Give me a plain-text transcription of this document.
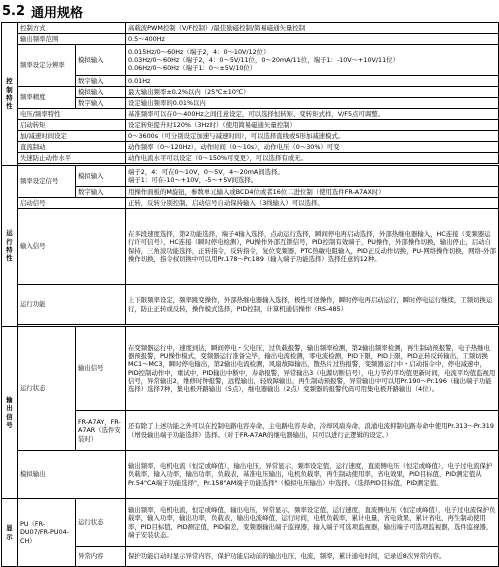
5.2 通用规格
控制特性	控制方式		高载波PWM控制（V/F控制）/最佳励磁控制/简易磁通矢量控制
	输出频率范围		0.5～400Hz
	频率设定分辨率	模拟输入	0.015Hz/0～60Hz（端子2，4：0～10V/12位）
0.03Hz/0～60Hz（端子2，4：0～5V/11位，0～20mA/11位，端子1：-10V～+10V/11位）
0.06Hz/0～60Hz（端子1：0～±5V/10位）
		数字输入	0.01Hz
	频率精度	模拟输入	最大输出频率±0.2%以内（25℃±10℃）
		数字输入	设定输出频率的0.01%以内
	电压/频率特性		基准频率可以在0～400Hz之间任意设定，可以选择恒转矩、变转矩式样，V/F5点可调整。
	启动转矩		设定转矩提升时120%（3Hz时）（使用简易磁通矢量控制）
	加/减速时间设定		0～3600s（可分别设定加速与减速时间），可以选择直线或S形加减速模式。
	直流制动		动作频率（0～120Hz），动作时间（0～10s），动作电压（0～30%）可变
	失速防止动作水平		动作电流水平可以设定（0～150%可变更），可以选择有或无。

运行特性	频率设定信号	模拟输入	端子2，4：可在0～10V，0～5V，4～20mA间选择。
端子1：可在-10～+10V，-5～+5V间选择。
		数字输入	用操作面板的M旋钮，参数单元输入或BCD4位或者16位二进位制（使用选件FR-A7AX时）
	启动信号		正转，反转分别控制，启动信号自动保持输入（3线输入）可以选择。
	输入信号		在多段速度选择，第2功能选择，端子4输入选择，点动运行选择，瞬间停电再启动选择，外部热继电器输入，HC连接（变频器运行许可信号），HC连接（瞬时停电检测），PU操作外部互锁信号，PID控制有效端子，PU操作，外部操作切换，输出停止，启动自保持，三角波功能选择，正转指令，反转指令，复位变频器，PTC热敏电阻输入，PID正反动作切换，PU-网络操作切换，网络-外部操作切换，指令权切换中可以用Pr.178～Pr.189（输入端子功能选择）选择任意的12种。
	运行功能		上下限频率设定，频率跳变操作，外部热继电器输入选择，极性可逆操作，瞬时停电再启动运行，瞬时停电运行继续，工频切换运行，防止正转或反转，操作模式选择，PID控制，计算机通信操作（RS-485）

输出信号	运行状态	输出信号	在变频器运行中，速度到达，瞬间停电・欠电压，过负载报警，输出频率检测，第2输出频率检测，再生制动预报警，电子热继电器预报警，PU操作模式，变频器运行准备完毕，输出电流检测，零电流检测，PID下限，PID上限，PID正转反转输出，工频切换MC1～MC3，瞬时停电输出，第2输出电流检测，风扇故障输出，散热片过热报警，变频器运行中・启动指令中，停电减速中，PID控制动作中，重试中，PID输出中断中，寿命报警，异常输出3（电源切断信号），电力节约平均值更新时间，电流平均值监视用信号，异常输出2，维修时钟报警，远程输出，轻故障输出，再生制动预报警，异常输出中可以用Pr.190～Pr.196（输出端子功能选择）选择7种，集电极开路输出（5点），继电器输出（2点）变频器的报警代码可用集电极开路输出（4位）。
		FR-A7AY，FR-A7AR（选件安装时）	还有除了上述功能之外可以在控制电路电容寿命，主电路电容寿命，冷却风扇寿命，浪涌电流抑制电路寿命中使用Pr.313～Pr.319（增设输出端子功能选择）选择。（对于FR-A7AR的继电器输出，只可以进行正逻辑的设定。）
	模拟输出		输出频率，电机电流（恒定或峰值），输出电压，异常显示，频率设定值，运行速度，直流侧电压（恒定或峰值），电子过电流保护负载率，输入功率，输出功率，负载表，基准电压输出，电机负载率，再生制动使用率，省电效果，PID目标值，PID测定值从Pr.54"CA端子功能选择"，Pr.158"AM端子功能选择"（模拟电压输出）中选择。（选择PID目标值，PID测定值。
显示	PU（FR-DU07/FR-PU04-CH）	运行状态	输出频率，电机电流，恒定或峰值，输出电压，异常显示，频率设定值，运行速度，直流侧电压（恒定或峰值），电子过电流保护负载率，输入功率，输出功率，负载表，输出电流峰值，运行时间，电机负载率，累计电量，省电效果，累计省电，再生制动使用率，PID目标值，PID测定值，PID偏差，变频器输出端子监视器，输入端子可选项监视器，输出端子可选项监视器，选件监视器，端子安装状态。
		异常内容	保护功能启动时显示异常内容，保护功能启动前的输出电压，电流，频率，累计通电时间，记录近8次异常内容。
